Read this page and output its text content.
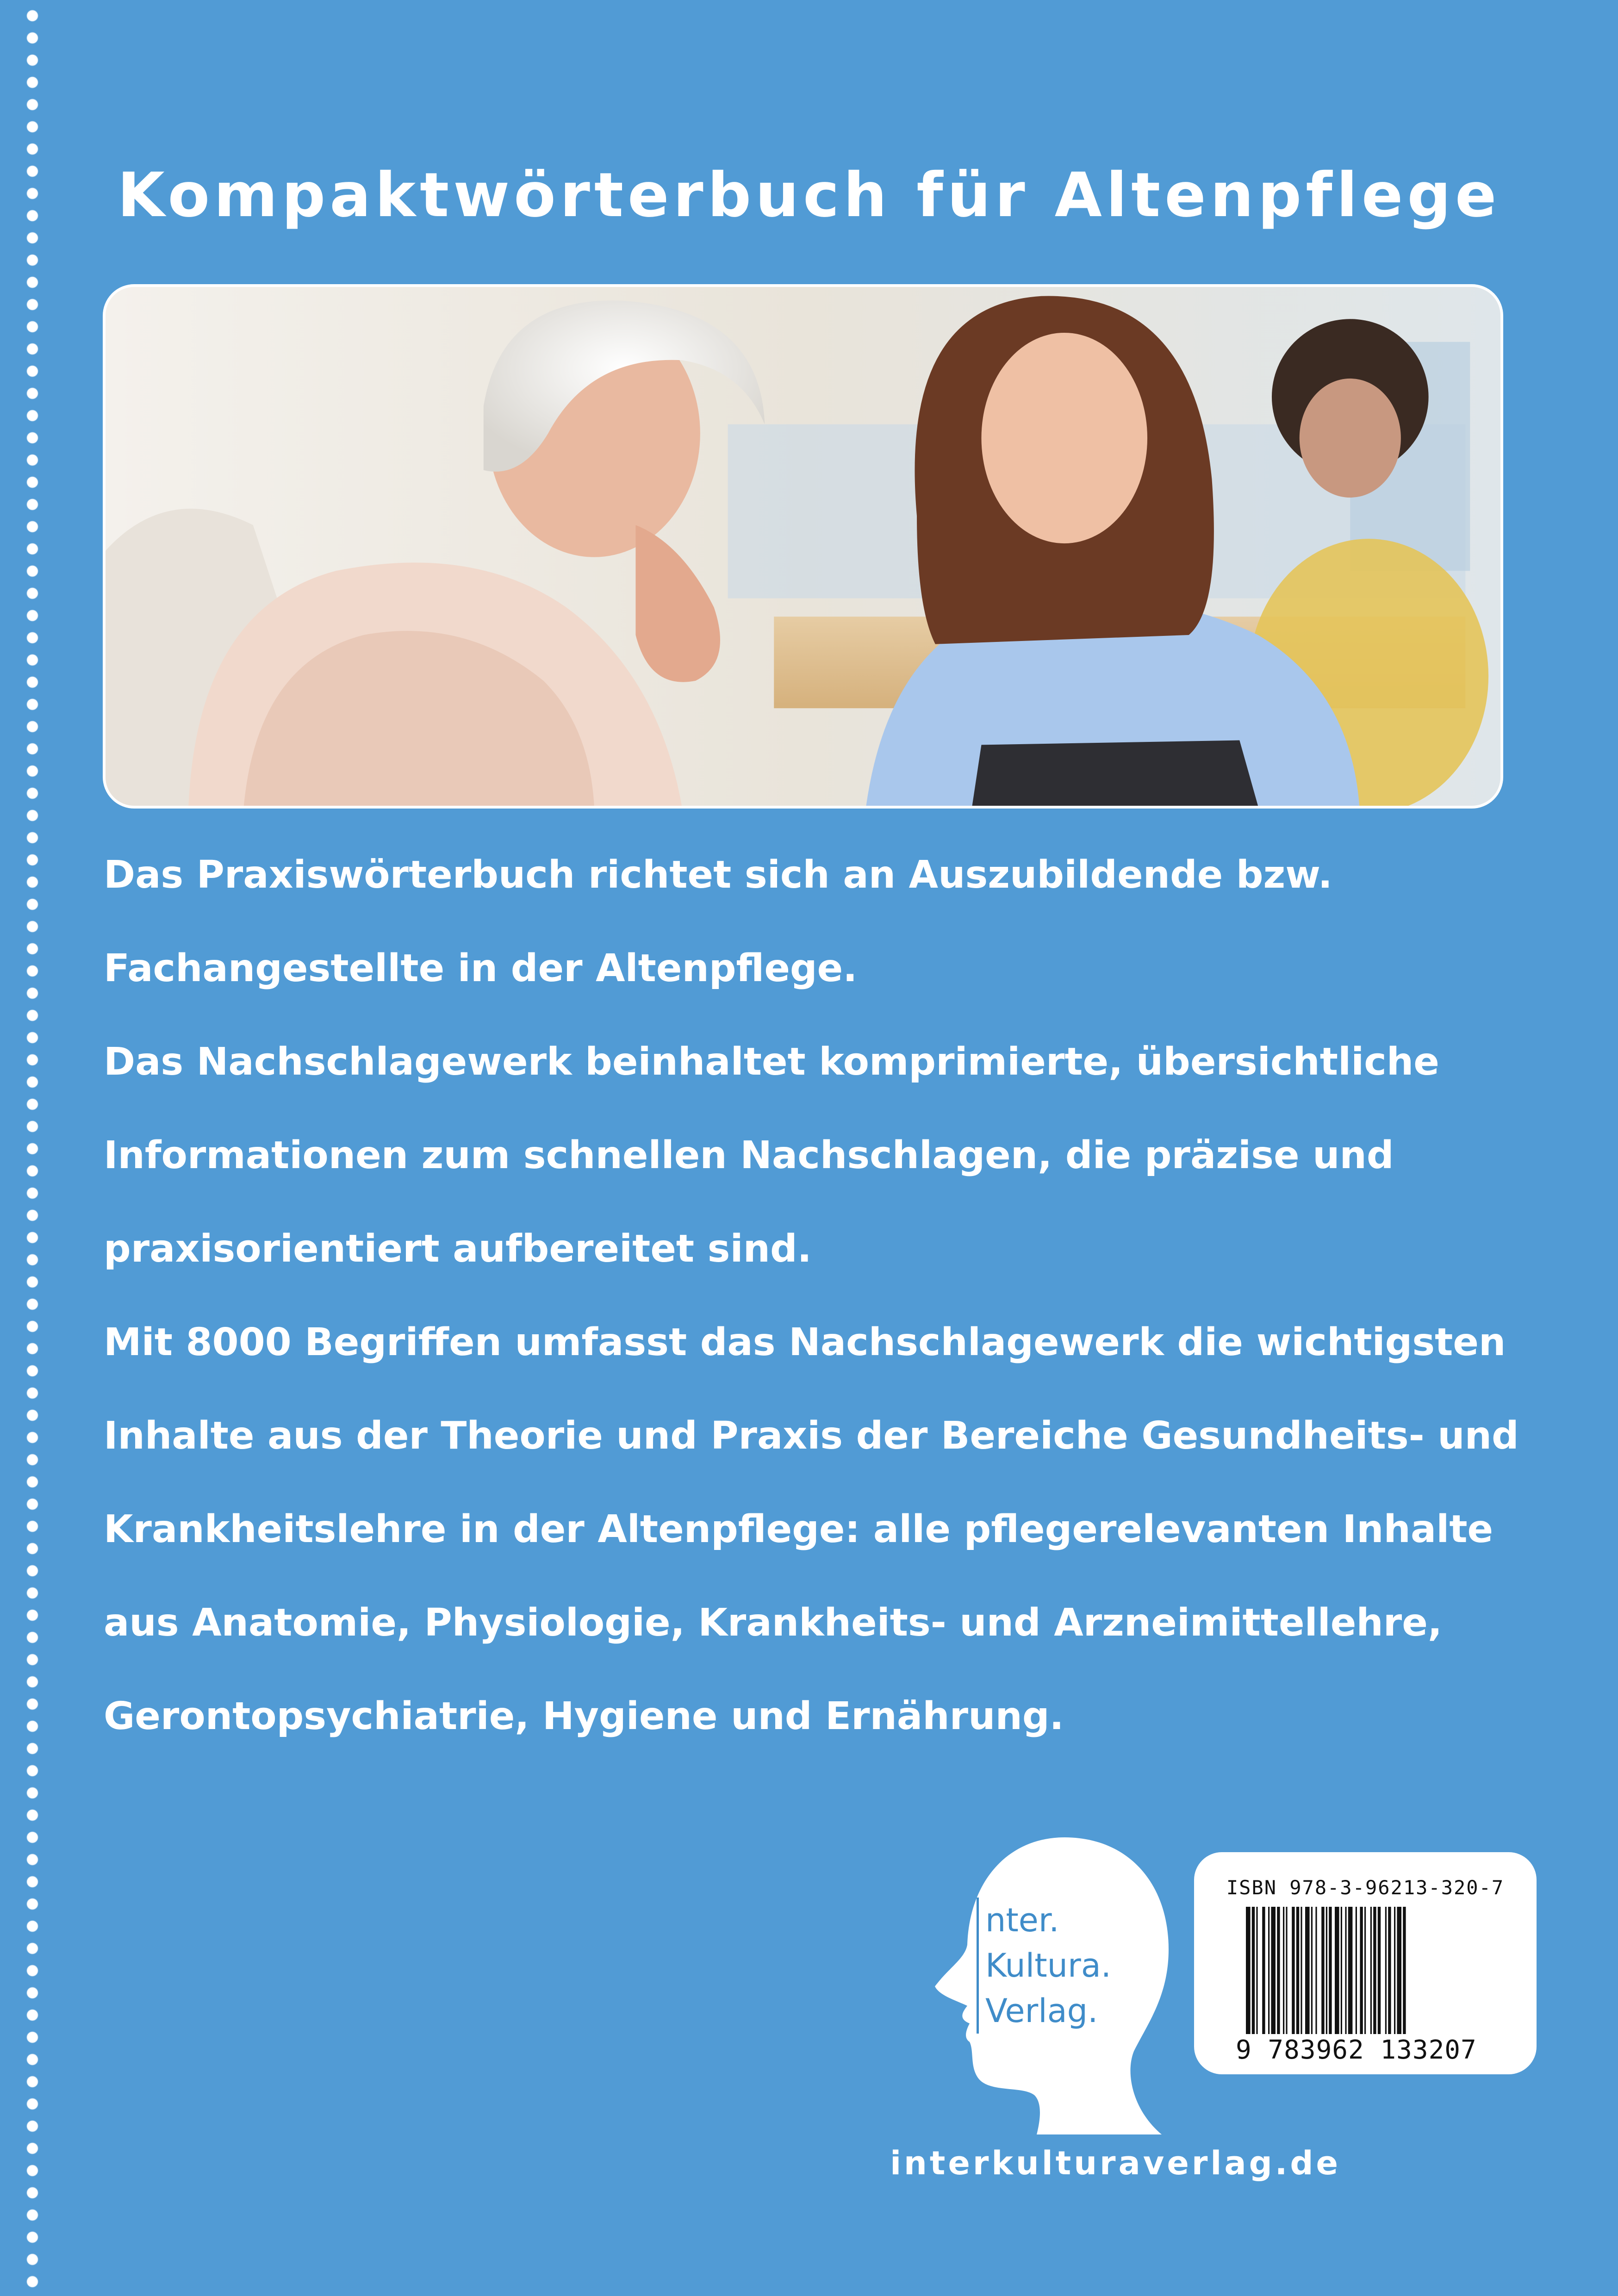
Kompaktwörterbuch für Altenpflege

Das Praxiswörterbuch richtet sich an Auszubildende bzw.

Fachangestellte in der Altenpflege.

Das Nachschlagewerk beinhaltet komprimierte, übersichtliche

Informationen zum schnellen Nachschlagen, die präzise und

praxisorientiert aufbereitet sind.

Mit 8000 Begriffen umfasst das Nachschlagewerk die wichtigsten

Inhalte aus der Theorie und Praxis der Bereiche Gesundheits- und

Krankheitslehre in der Altenpflege: alle pflegerelevanten Inhalte

aus Anatomie, Physiologie, Krankheits- und Arzneimittellehre,

Gerontopsychiatrie, Hygiene und Ernährung.

nter.
Kultura.
Verlag.
ISBN 978-3-96213-320-7
9 783962 133207
interkulturaverlag.de
